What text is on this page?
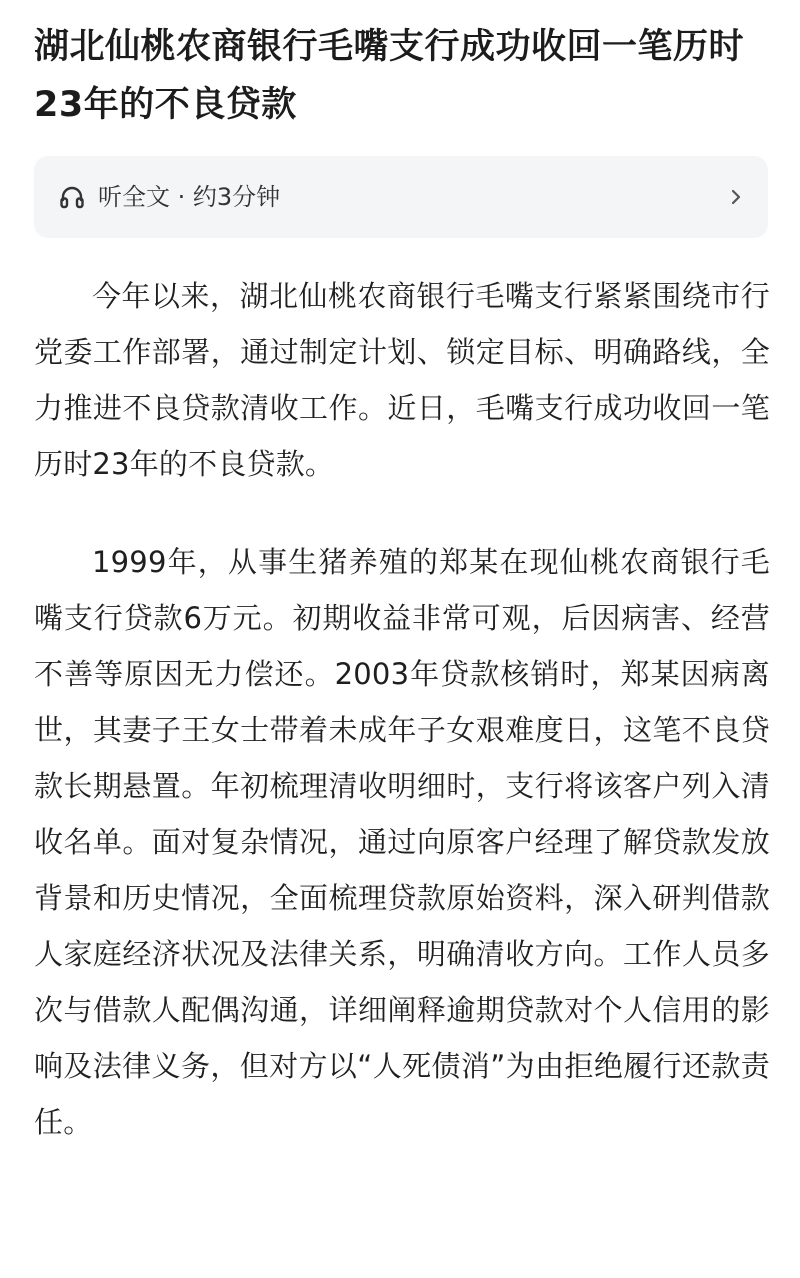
湖北仙桃农商银行毛嘴支行成功收回一笔历时23年的不良贷款
听全文 · 约3分钟

今年以来，湖北仙桃农商银行毛嘴支行紧紧围绕市行党委工作部署，通过制定计划、锁定目标、明确路线，全力推进不良贷款清收工作。近日，毛嘴支行成功收回一笔历时23年的不良贷款。

1999年，从事生猪养殖的郑某在现仙桃农商银行毛嘴支行贷款6万元。初期收益非常可观，后因病害、经营不善等原因无力偿还。2003年贷款核销时，郑某因病离世，其妻子王女士带着未成年子女艰难度日，这笔不良贷款长期悬置。年初梳理清收明细时，支行将该客户列入清收名单。面对复杂情况，通过向原客户经理了解贷款发放背景和历史情况，全面梳理贷款原始资料，深入研判借款人家庭经济状况及法律关系，明确清收方向。工作人员多次与借款人配偶沟通，详细阐释逾期贷款对个人信用的影响及法律义务，但对方以“人死债消”为由拒绝履行还款责任。
